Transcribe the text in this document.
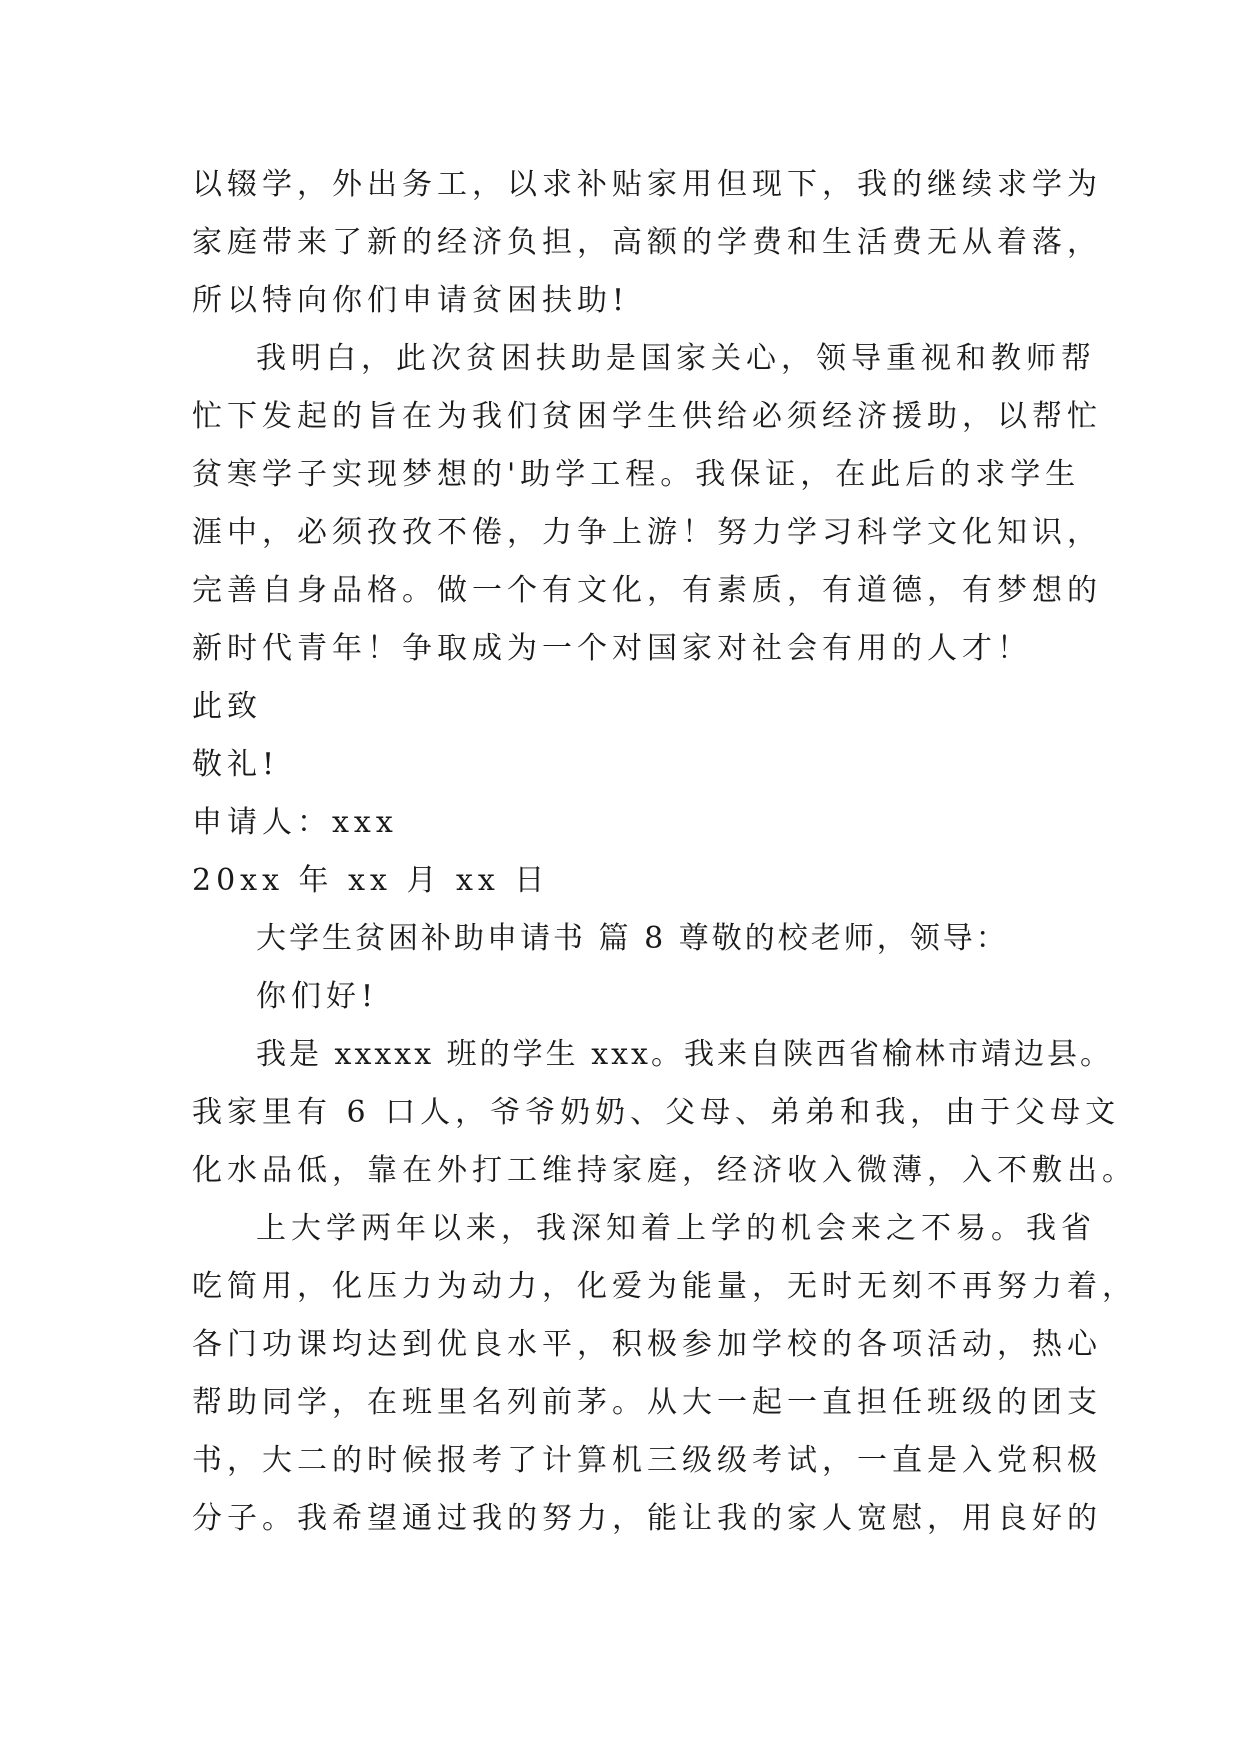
以辍学，外出务工，以求补贴家用但现下，我的继续求学为
家庭带来了新的经济负担，高额的学费和生活费无从着落，
所以特向你们申请贫困扶助!
我明白，此次贫困扶助是国家关心，领导重视和教师帮
忙下发起的旨在为我们贫困学生供给必须经济援助，以帮忙
贫寒学子实现梦想的'助学工程。我保证，在此后的求学生
涯中，必须孜孜不倦，力争上游！努力学习科学文化知识，
完善自身品格。做一个有文化，有素质，有道德，有梦想的
新时代青年！争取成为一个对国家对社会有用的人才！
此致
敬礼!
申请人：xxx
20xx 年 xx 月 xx 日
大学生贫困补助申请书 篇 8 尊敬的校老师，领导：
你们好!
我是 xxxxx 班的学生 xxx。我来自陕西省榆林市靖边县。
我家里有 6 口人，爷爷奶奶、父母、弟弟和我，由于父母文
化水品低，靠在外打工维持家庭，经济收入微薄，入不敷出。
上大学两年以来，我深知着上学的机会来之不易。我省
吃简用，化压力为动力，化爱为能量，无时无刻不再努力着，
各门功课均达到优良水平，积极参加学校的各项活动，热心
帮助同学，在班里名列前茅。从大一起一直担任班级的团支
书，大二的时候报考了计算机三级级考试，一直是入党积极
分子。我希望通过我的努力，能让我的家人宽慰，用良好的
